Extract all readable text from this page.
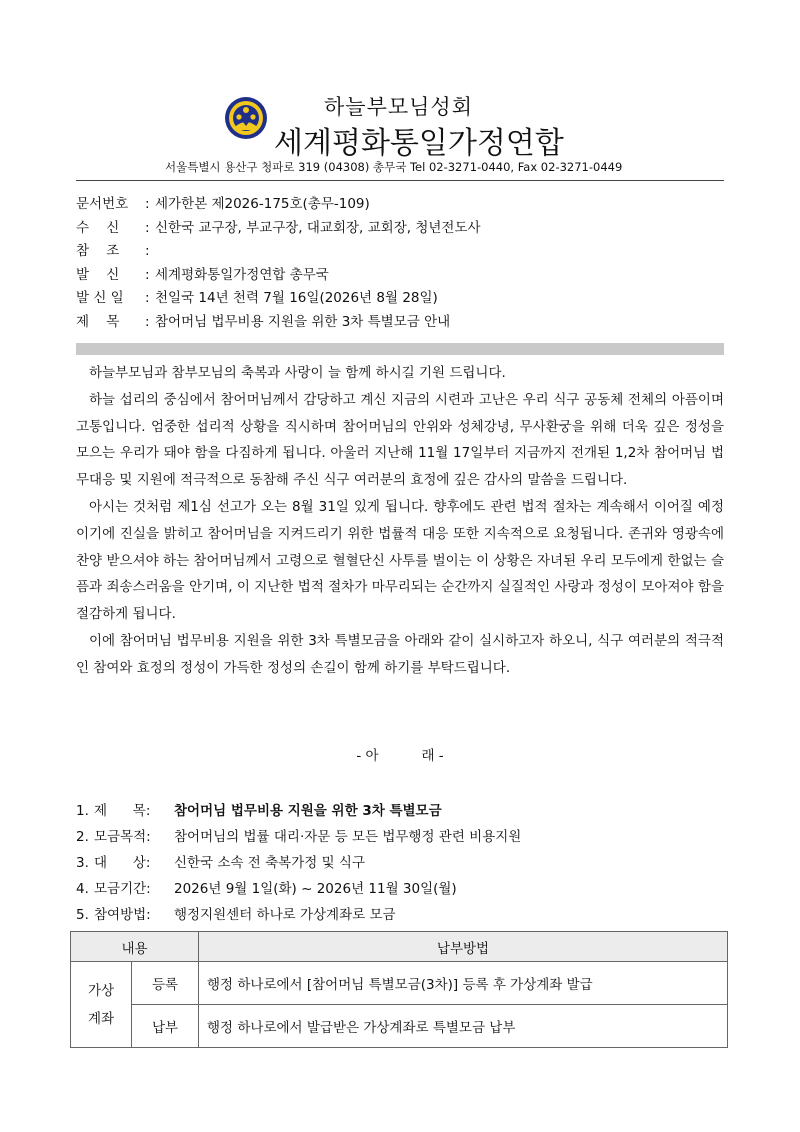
하늘부모님성회
세계평화통일가정연합
서울특별시 용산구 청파로 319 (04308) 총무국 Tel 02-3271-0440, Fax 02-3271-0449
문서번호 : 세가한본 제2026-175호(총무-109)
수    신 : 신한국 교구장, 부교구장, 대교회장, 교회장, 청년전도사
참    조 :
발    신 : 세계평화통일가정연합 총무국
발 신 일 : 천일국 14년 천력 7월 16일(2026년 8월 28일)
제    목 : 참어머님 법무비용 지원을 위한 3차 특별모금 안내

하늘부모님과 참부모님의 축복과 사랑이 늘 함께 하시길 기원 드립니다.

하늘 섭리의 중심에서 참어머님께서 감당하고 계신 지금의 시련과 고난은 우리 식구 공동체 전체의 아픔이며 고통입니다. 엄중한 섭리적 상황을 직시하며 참어머님의 안위와 성체강녕, 무사환궁을 위해 더욱 깊은 정성을 모으는 우리가 돼야 함을 다짐하게 됩니다. 아울러 지난해 11월 17일부터 지금까지 전개된 1,2차 참어머님 법무대응 및 지원에 적극적으로 동참해 주신 식구 여러분의 효정에 깊은 감사의 말씀을 드립니다.

아시는 것처럼 제1심 선고가 오는 8월 31일 있게 됩니다. 향후에도 관련 법적 절차는 계속해서 이어질 예정이기에 진실을 밝히고 참어머님을 지켜드리기 위한 법률적 대응 또한 지속적으로 요청됩니다. 존귀와 영광속에 찬양 받으셔야 하는 참어머님께서 고령으로 혈혈단신 사투를 벌이는 이 상황은 자녀된 우리 모두에게 한없는 슬픔과 죄송스러움을 안기며, 이 지난한 법적 절차가 마무리되는 순간까지 실질적인 사랑과 정성이 모아져야 함을 절감하게 됩니다.

이에 참어머님 법무비용 지원을 위한 3차 특별모금을 아래와 같이 실시하고자 하오니, 식구 여러분의 적극적인 참여와 효정의 정성이 가득한 정성의 손길이 함께 하기를 부탁드립니다.

- 아          래 -
1. 제      목: 참어머님 법무비용 지원을 위한 3차 특별모금
2. 모금목적: 참어머님의 법률 대리·자문 등 모든 법무행정 관련 비용지원
3. 대      상: 신한국 소속 전 축복가정 및 식구
4. 모금기간: 2026년 9월 1일(화) ~ 2026년 11월 30일(월)
5. 참여방법: 행정지원센터 하나로 가상계좌로 모금
내용		납부방법
가상
계좌	등록	행정 하나로에서 [참어머님 특별모금(3차)] 등록 후 가상계좌 발급
	납부	행정 하나로에서 발급받은 가상계좌로 특별모금 납부
